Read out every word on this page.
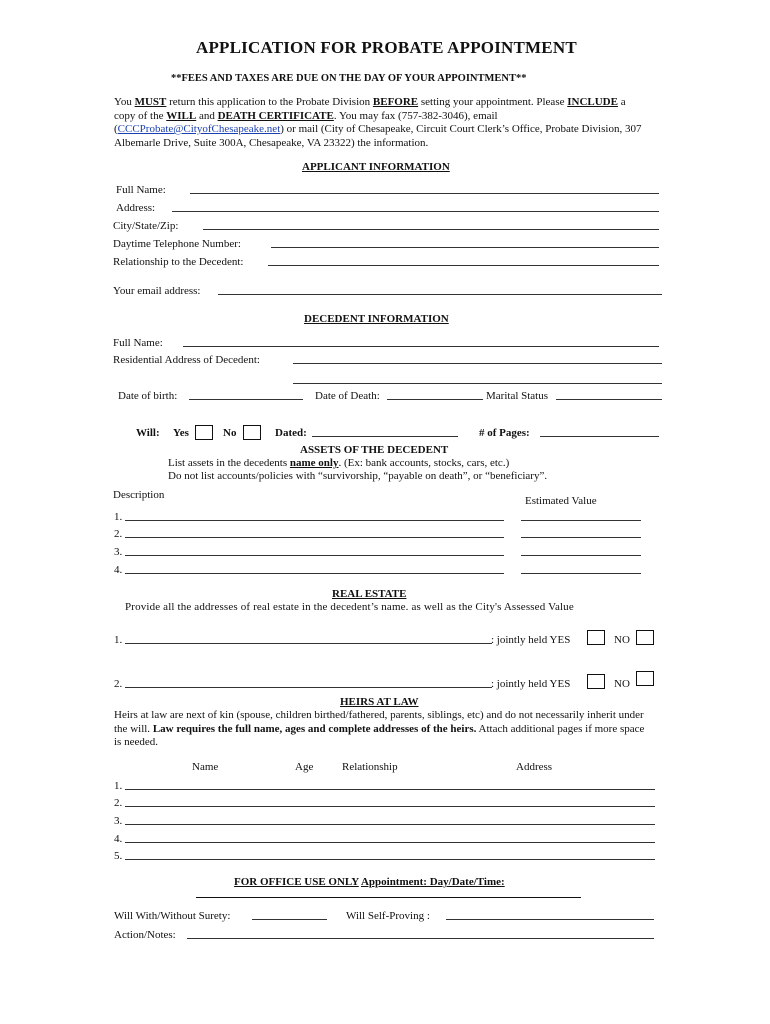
APPLICATION FOR PROBATE APPOINTMENT
**FEES AND TAXES ARE DUE ON THE DAY OF YOUR APPOINTMENT**
You MUST return this application to the Probate Division BEFORE setting your appointment. Please INCLUDE a copy of the WILL and DEATH CERTIFICATE. You may fax (757-382-3046), email (CCCProbate@CityofChesapeake.net) or mail (City of Chesapeake, Circuit Court Clerk’s Office, Probate Division, 307 Albemarle Drive, Suite 300A, Chesapeake, VA 23322) the information.
APPLICANT INFORMATION
Full Name:
Address:
City/State/Zip:
Daytime Telephone Number:
Relationship to the Decedent:
Your email address:
DECEDENT INFORMATION
Full Name:
Residential Address of Decedent:
Date of birth:	Date of Death:	Marital Status
Will: Yes	No	Dated:	# of Pages:
ASSETS OF THE DECEDENT
List assets in the decedents name only. (Ex: bank accounts, stocks, cars, etc.)
Do not list accounts/policies with “survivorship, “payable on death”, or “beneficiary”.
Description	Estimated Value
1.
2.
3.
4.
REAL ESTATE
Provide all the addresses of real estate in the decedent’s name. as well as the City's Assessed Value
1.	: jointly held YES	NO
2.	: jointly held YES	NO
HEIRS AT LAW
Heirs at law are next of kin (spouse, children birthed/fathered, parents, siblings, etc) and do not necessarily inherit under the will. Law requires the full name, ages and complete addresses of the heirs. Attach additional pages if more space is needed.
Name	Age	Relationship	Address
1.
2.
3.
4.
5.
FOR OFFICE USE ONLY Appointment: Day/Date/Time:
Will With/Without Surety:	Will Self-Proving :
Action/Notes:
